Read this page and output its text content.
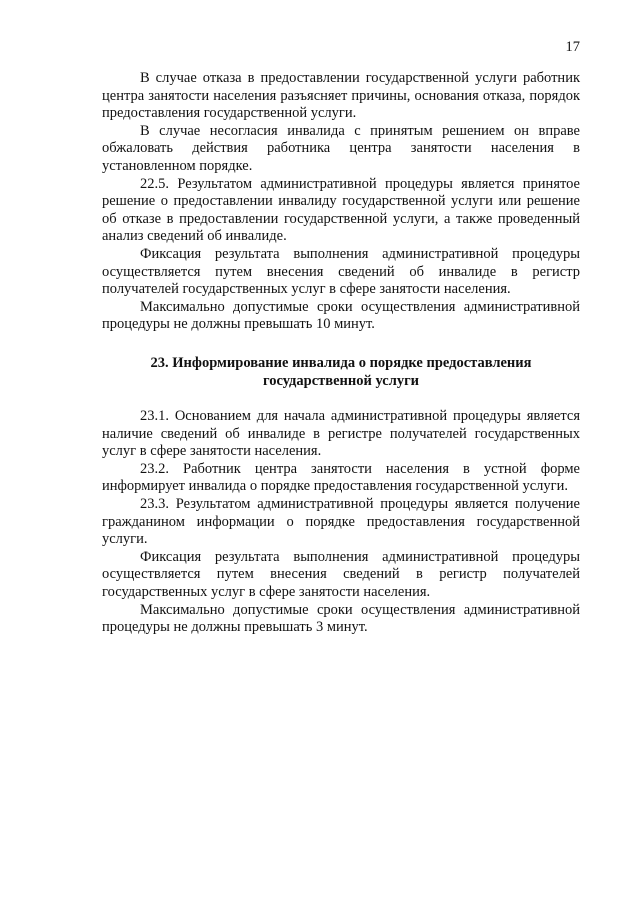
17

В случае отказа в предоставлении государственной услуги работник центра занятости населения разъясняет причины, основания отказа, порядок предоставления государственной услуги.

В случае несогласия инвалида с принятым решением он вправе обжаловать действия работника центра занятости населения в установленном порядке.

22.5. Результатом административной процедуры является принятое решение о предоставлении инвалиду государственной услуги или решение об отказе в предоставлении государственной услуги, а также проведенный анализ сведений об инвалиде.

Фиксация результата выполнения административной процедуры осуществляется путем внесения сведений об инвалиде в регистр получателей государственных услуг в сфере занятости населения.

Максимально допустимые сроки осуществления административной процедуры не должны превышать 10 минут.

23. Информирование инвалида о порядке предоставления
государственной услуги

23.1. Основанием для начала административной процедуры является наличие сведений об инвалиде в регистре получателей государственных услуг в сфере занятости населения.

23.2. Работник центра занятости населения в устной форме информирует инвалида о порядке предоставления государственной услуги.

23.3. Результатом административной процедуры является получение гражданином информации о порядке предоставления государственной услуги.

Фиксация результата выполнения административной процедуры осуществляется путем внесения сведений в регистр получателей государственных услуг в сфере занятости населения.

Максимально допустимые сроки осуществления административной процедуры не должны превышать 3 минут.
